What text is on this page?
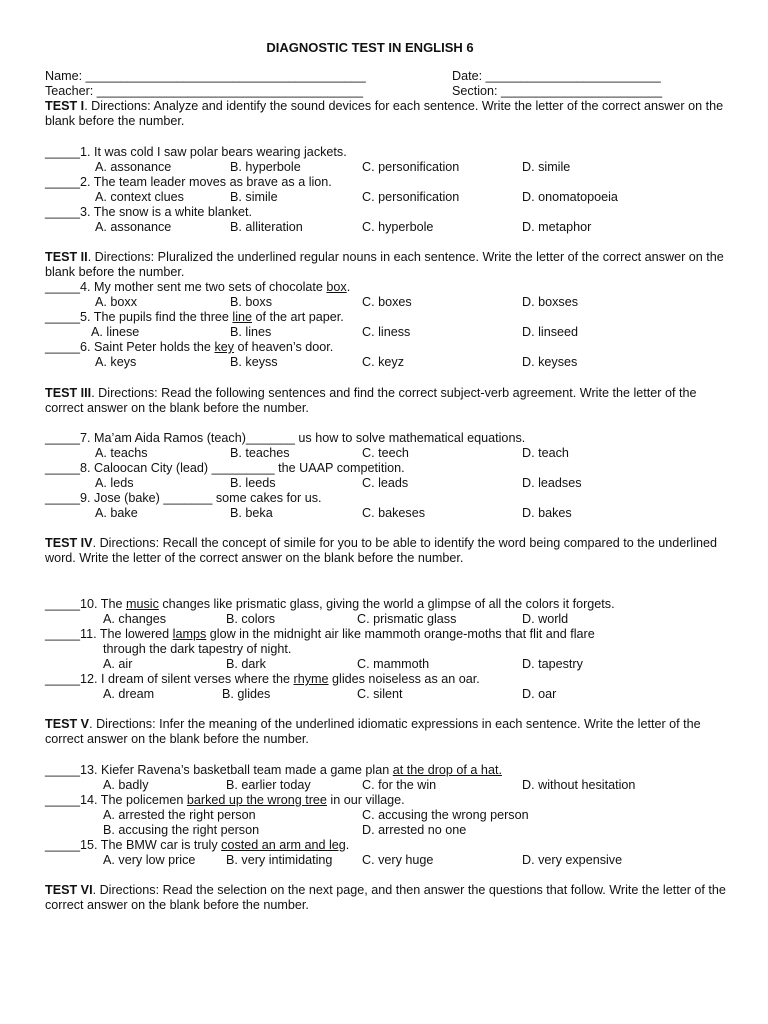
DIAGNOSTIC TEST IN ENGLISH 6
Name: ________________________________________	Date: _________________________
Teacher: ______________________________________	Section: _______________________
TEST I. Directions: Analyze and identify the sound devices for each sentence. Write the letter of the correct answer on the blank before the number.
_____1. It was cold I saw polar bears wearing jackets.
A. assonance	B. hyperbole	C. personification	D. simile
_____2. The team leader moves as brave as a lion.
A. context clues	B. simile	C. personification	D. onomatopoeia
_____3. The snow is a white blanket.
A. assonance	B. alliteration	C. hyperbole	D. metaphor
TEST II. Directions: Pluralized the underlined regular nouns in each sentence. Write the letter of the correct answer on the blank before the number.
_____4. My mother sent me two sets of chocolate box.
A. boxx	B. boxs	C. boxes	D. boxses
_____5. The pupils find the three line of the art paper.
A. linese	B. lines	C. liness	D. linseed
_____6. Saint Peter holds the key of heaven’s door.
A. keys	B. keyss	C. keyz	D. keyses
TEST III. Directions: Read the following sentences and find the correct subject-verb agreement. Write the letter of the correct answer on the blank before the number.
_____7. Ma’am Aida Ramos (teach)_______ us how to solve mathematical equations.
A. teachs	B. teaches	C. teech	D. teach
_____8. Caloocan City (lead) _________ the UAAP competition.
A. leds	B. leeds	C. leads	D. leadses
_____9. Jose (bake) _______ some cakes for us.
A. bake	B. beka	C. bakeses	D. bakes
TEST IV. Directions: Recall the concept of simile for you to be able to identify the word being compared to the underlined word. Write the letter of the correct answer on the blank before the number.
_____10. The music changes like prismatic glass, giving the world a glimpse of all the colors it forgets.
A. changes	B. colors	C. prismatic glass	D. world
_____11. The lowered lamps glow in the midnight air like mammoth orange-moths that flit and flare
through the dark tapestry of night.
A. air	B. dark	C. mammoth	D. tapestry
_____12. I dream of silent verses where the rhyme glides noiseless as an oar.
A. dream	B. glides	C. silent	D. oar
TEST V. Directions: Infer the meaning of the underlined idiomatic expressions in each sentence. Write the letter of the correct answer on the blank before the number.
_____13. Kiefer Ravena’s basketball team made a game plan at the drop of a hat.
A. badly	B. earlier today	C. for the win	D. without hesitation
_____14. The policemen barked up the wrong tree in our village.
A. arrested the right person	C. accusing the wrong person
B. accusing the right person	D. arrested no one
_____15. The BMW car is truly costed an arm and leg.
A. very low price B. very intimidating C. very huge	D. very expensive
TEST VI. Directions: Read the selection on the next page, and then answer the questions that follow. Write the letter of the correct answer on the blank before the number.
